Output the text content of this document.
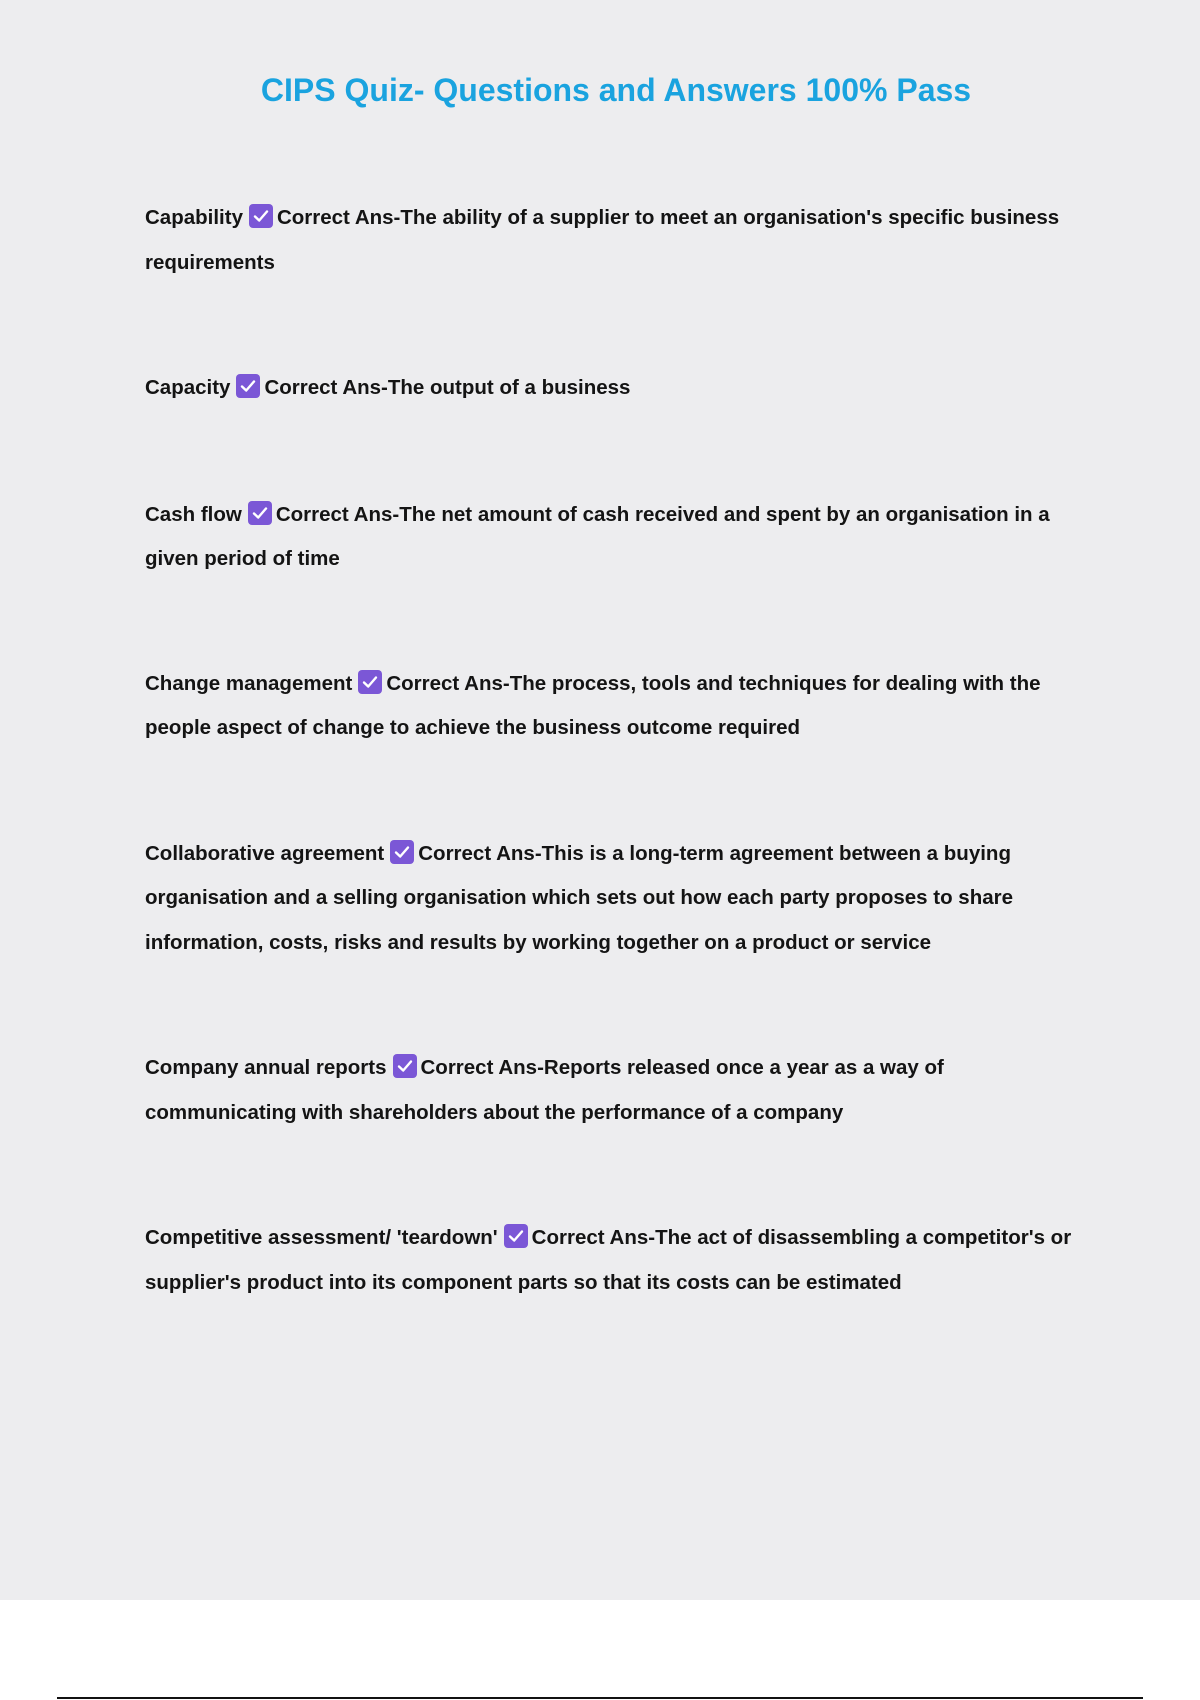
CIPS Quiz- Questions and Answers 100% Pass

Capability Correct Ans-The ability of a supplier to meet an organisation's specific business requirements

Capacity Correct Ans-The output of a business

Cash flow Correct Ans-The net amount of cash received and spent by an organisation in a given period of time

Change management Correct Ans-The process, tools and techniques for dealing with the people aspect of change to achieve the business outcome required

Collaborative agreement Correct Ans-This is a long-term agreement between a buying organisation and a selling organisation which sets out how each party proposes to share information, costs, risks and results by working together on a product or service

Company annual reports Correct Ans-Reports released once a year as a way of communicating with shareholders about the performance of a company

Competitive assessment/ 'teardown' Correct Ans-The act of disassembling a competitor's or supplier's product into its component parts so that its costs can be estimated
